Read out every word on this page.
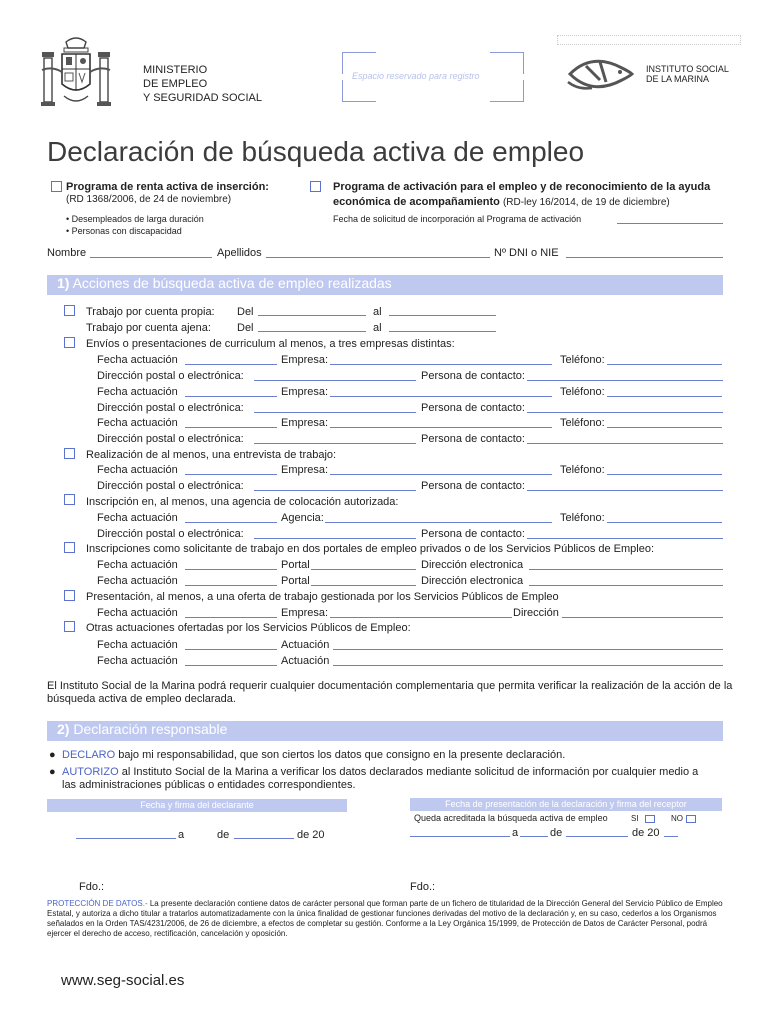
MINISTERIO
DE EMPLEO
Y SEGURIDAD SOCIAL
Espacio reservado para registro
INSTITUTO SOCIAL
DE LA MARINA
Declaración de búsqueda activa de empleo
Programa de renta activa de inserción:
(RD 1368/2006, de 24 de noviembre)
• Desempleados de larga duración
• Personas con discapacidad
Programa de activación para el empleo y de reconocimiento de la ayuda
económica de acompañamiento (RD-ley 16/2014, de 19 de diciembre)
Fecha de solicitud de incorporación al Programa de activación
Nombre	Apellidos	Nº DNI o NIE
1) Acciones de búsqueda activa de empleo realizadas
Trabajo por cuenta propia: Del	al
Trabajo por cuenta ajena: Del	al
Envíos o presentaciones de curriculum al menos, a tres empresas distintas:
Realización de al menos, una entrevista de trabajo:
Inscripción en, al menos, una agencia de colocación autorizada:
Inscripciones como solicitante de trabajo en dos portales de empleo privados o de los Servicios Públicos de Empleo:
Presentación, al menos, a una oferta de trabajo gestionada por los Servicios Públicos de Empleo
Otras actuaciones ofertadas por los Servicios Públicos de Empleo:
El Instituto Social de la Marina podrá requerir cualquier documentación complementaria que permita verificar la realización de la acción de la búsqueda activa de empleo declarada.
2) Declaración responsable
● DECLARO bajo mi responsabilidad, que son ciertos los datos que consigno en la presente declaración.
● AUTORIZO al Instituto Social de la Marina a verificar los datos declarados mediante solicitud de información por cualquier medio a
las administraciones públicas o entidades correspondientes.
Fecha y firma del declarante	Fecha de presentación de la declaración y firma del receptor
Queda acreditada la búsqueda activa de empleo	SI	NO
a	de	de 20	a	de	de 20
Fdo.:	Fdo.:
PROTECCIÓN DE DATOS.- La presente declaración contiene datos de carácter personal que forman parte de un fichero de titularidad de la Dirección General del Servicio Público de Empleo Estatal, y autoriza a dicho titular a tratarlos automatizadamente con la única finalidad de gestionar funciones derivadas del motivo de la declaración y, en su caso, cederlos a los Organismos señalados en la Orden TAS/4231/2006, de 26 de diciembre, a efectos de completar su gestión. Conforme a la Ley Orgánica 15/1999, de Protección de Datos de Carácter Personal, podrá ejercer el derecho de acceso, rectificación, cancelación y oposición.
www.seg-social.es
Fecha actuación	Empresa:	Teléfono:
Dirección postal o electrónica:	Persona de contacto:
Fecha actuación	Empresa:	Teléfono:
Dirección postal o electrónica:	Persona de contacto:
Fecha actuación	Empresa:	Teléfono:
Dirección postal o electrónica:	Persona de contacto:
Fecha actuación	Empresa:	Teléfono:
Dirección postal o electrónica:	Persona de contacto:
Fecha actuación	Agencia:	Teléfono:
Dirección postal o electrónica:	Persona de contacto:
Fecha actuación	Portal	Dirección electronica
Fecha actuación	Portal	Dirección electronica
Fecha actuación	Empresa:	Dirección
Fecha actuación	Actuación
Fecha actuación	Actuación
